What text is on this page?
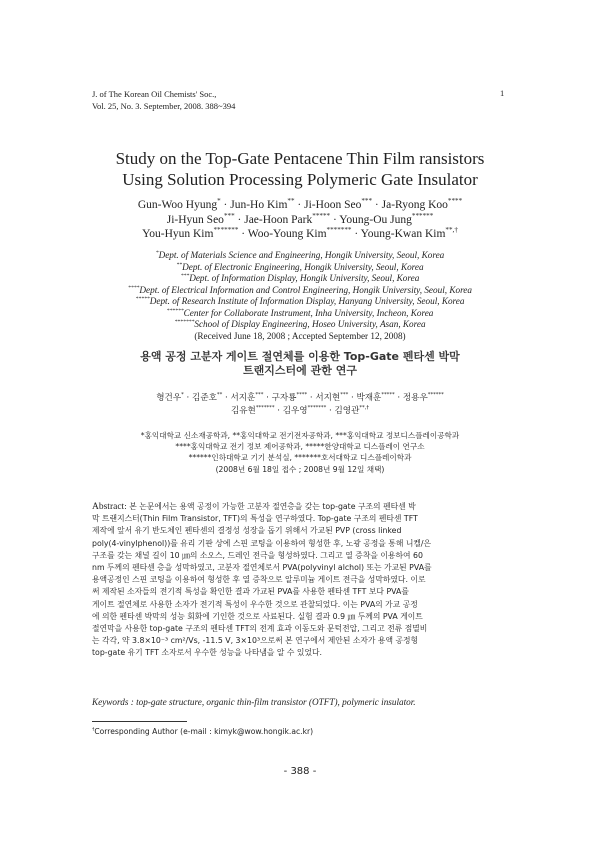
J. of The Korean Oil Chemists' Soc.,
Vol. 25, No. 3. September, 2008. 388~394
1
Study on the Top-Gate Pentacene Thin Film ransistors
Using Solution Processing Polymeric Gate Insulator
Gun-Woo Hyung* · Jun-Ho Kim** · Ji-Hoon Seo*** · Ja-Ryong Koo****
Ji-Hyun Seo*** · Jae-Hoon Park***** · Young-Ou Jung******
You-Hyun Kim******* · Woo-Young Kim******* · Young-Kwan Kim**,†
*Dept. of Materials Science and Engineering, Hongik University, Seoul, Korea
**Dept. of Electronic Engineering, Hongik University, Seoul, Korea
***Dept. of Information Display, Hongik University, Seoul, Korea
****Dept. of Electrical Information and Control Engineering, Hongik University, Seoul, Korea
*****Dept. of Research Institute of Information Display, Hanyang University, Seoul, Korea
******Center for Collaborate Instrument, Inha University, Incheon, Korea
*******School of Display Engineering, Hoseo University, Asan, Korea
(Received June 18, 2008 ; Accepted September 12, 2008)
용액 공정 고분자 게이트 절연체를 이용한 Top-Gate 펜타센 박막
트랜지스터에 관한 연구
형건우* · 김준호** · 서지훈*** · 구자룡**** · 서지현*** · 박재훈***** · 정용우******
김유현******* · 김우영******* · 김영관**,†
*홍익대학교 신소재공학과, **홍익대학교 전기전자공학과, ***홍익대학교 정보디스플레이공학과
****홍익대학교 전기 정보 제어공학과, *****한양대학교 디스플레이 연구소
******인하대학교 기기 분석실, *******호서대학교 디스플레이학과
(2008년 6월 18일 접수 ; 2008년 9월 12일 채택)
Abstract: 본 논문에서는 용액 공정이 가능한 고분자 절연층을 갖는 top-gate 구조의 펜타센 박
막 트랜지스터(Thin Film Transistor, TFT)의 특성을 연구하였다. Top-gate 구조의 펜타센 TFT
제작에 앞서 유기 반도체인 펜타센의 결정성 성장을 돕기 위해서 가교된 PVP (cross linked
poly(4-vinylphenol))를 유리 기판 상에 스핀 코팅을 이용하여 형성한 후, 노광 공정을 통해 니켈/은
구조를 갖는 채널 길이 10 ㎛의 소오스, 드레인 전극을 형성하였다. 그리고 열 증착을 이용하여 60
nm 두께의 펜타센 층을 성막하였고, 고분자 절연체로서 PVA(polyvinyl alchol) 또는 가교된 PVA를
용액공정인 스핀 코팅을 이용하여 형성한 후 열 증착으로 알루미늄 게이트 전극을 성막하였다. 이로
써 제작된 소자들의 전기적 특성을 확인한 결과 가교된 PVA를 사용한 펜타센 TFT 보다 PVA를
게이트 절연체로 사용한 소자가 전기적 특성이 우수한 것으로 관찰되었다. 이는 PVA의 가교 공정
에 의한 펜타센 박막의 성능 회화에 기인한 것으로 사료된다. 실험 결과 0.9 ㎛ 두께의 PVA 게이트
절연막을 사용한 top-gate 구조의 펜타센 TFT의 전계 효과 이동도와 문턱전압, 그리고 전류 점멸비
는 각각, 약 3.8×10⁻³ cm²/Vs, -11.5 V, 3×10³으로써 본 연구에서 제안된 소자가 용액 공정형
top-gate 유기 TFT 소자로서 우수한 성능을 나타냄을 알 수 있었다.
Keywords : top-gate structure, organic thin-film transistor (OTFT), polymeric insulator.
†Corresponding Author (e-mail : kimyk@wow.hongik.ac.kr)
- 388 -
